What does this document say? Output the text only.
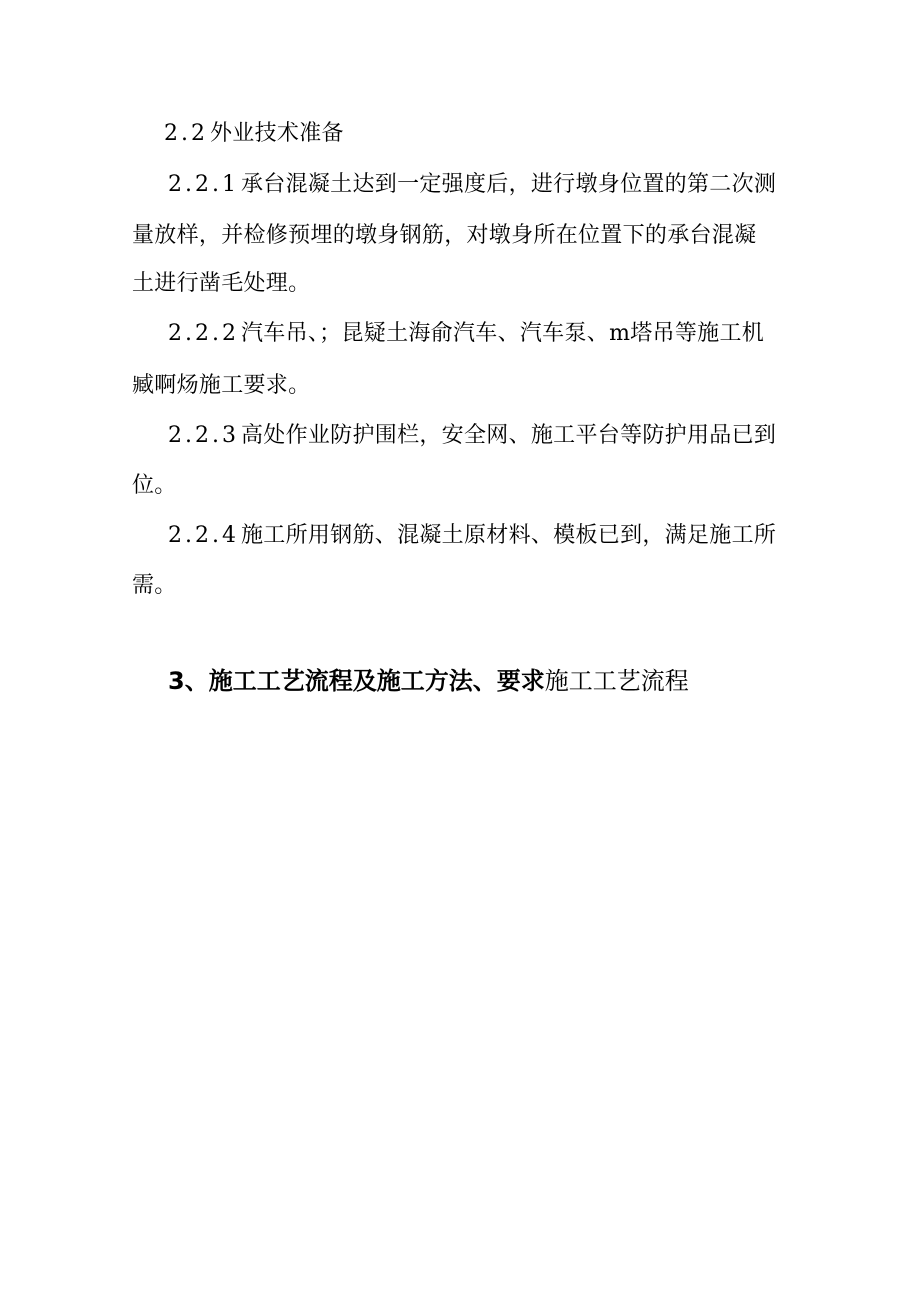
2.2外业技术准备
2.2.1承台混凝土达到一定强度后，进行墩身位置的第二次测
量放样，并检修预埋的墩身钢筋，对墩身所在位置下的承台混凝
土进行凿毛处理。
2.2.2汽车吊、；昆疑土海俞汽车、汽车泵、m塔吊等施工机
臧啊炀施工要求。
2.2.3高处作业防护围栏，安全网、施工平台等防护用品已到
位。
2.2.4施工所用钢筋、混凝土原材料、模板已到，满足施工所
需。
3、施工工艺流程及施工方法、要求施工工艺流程
